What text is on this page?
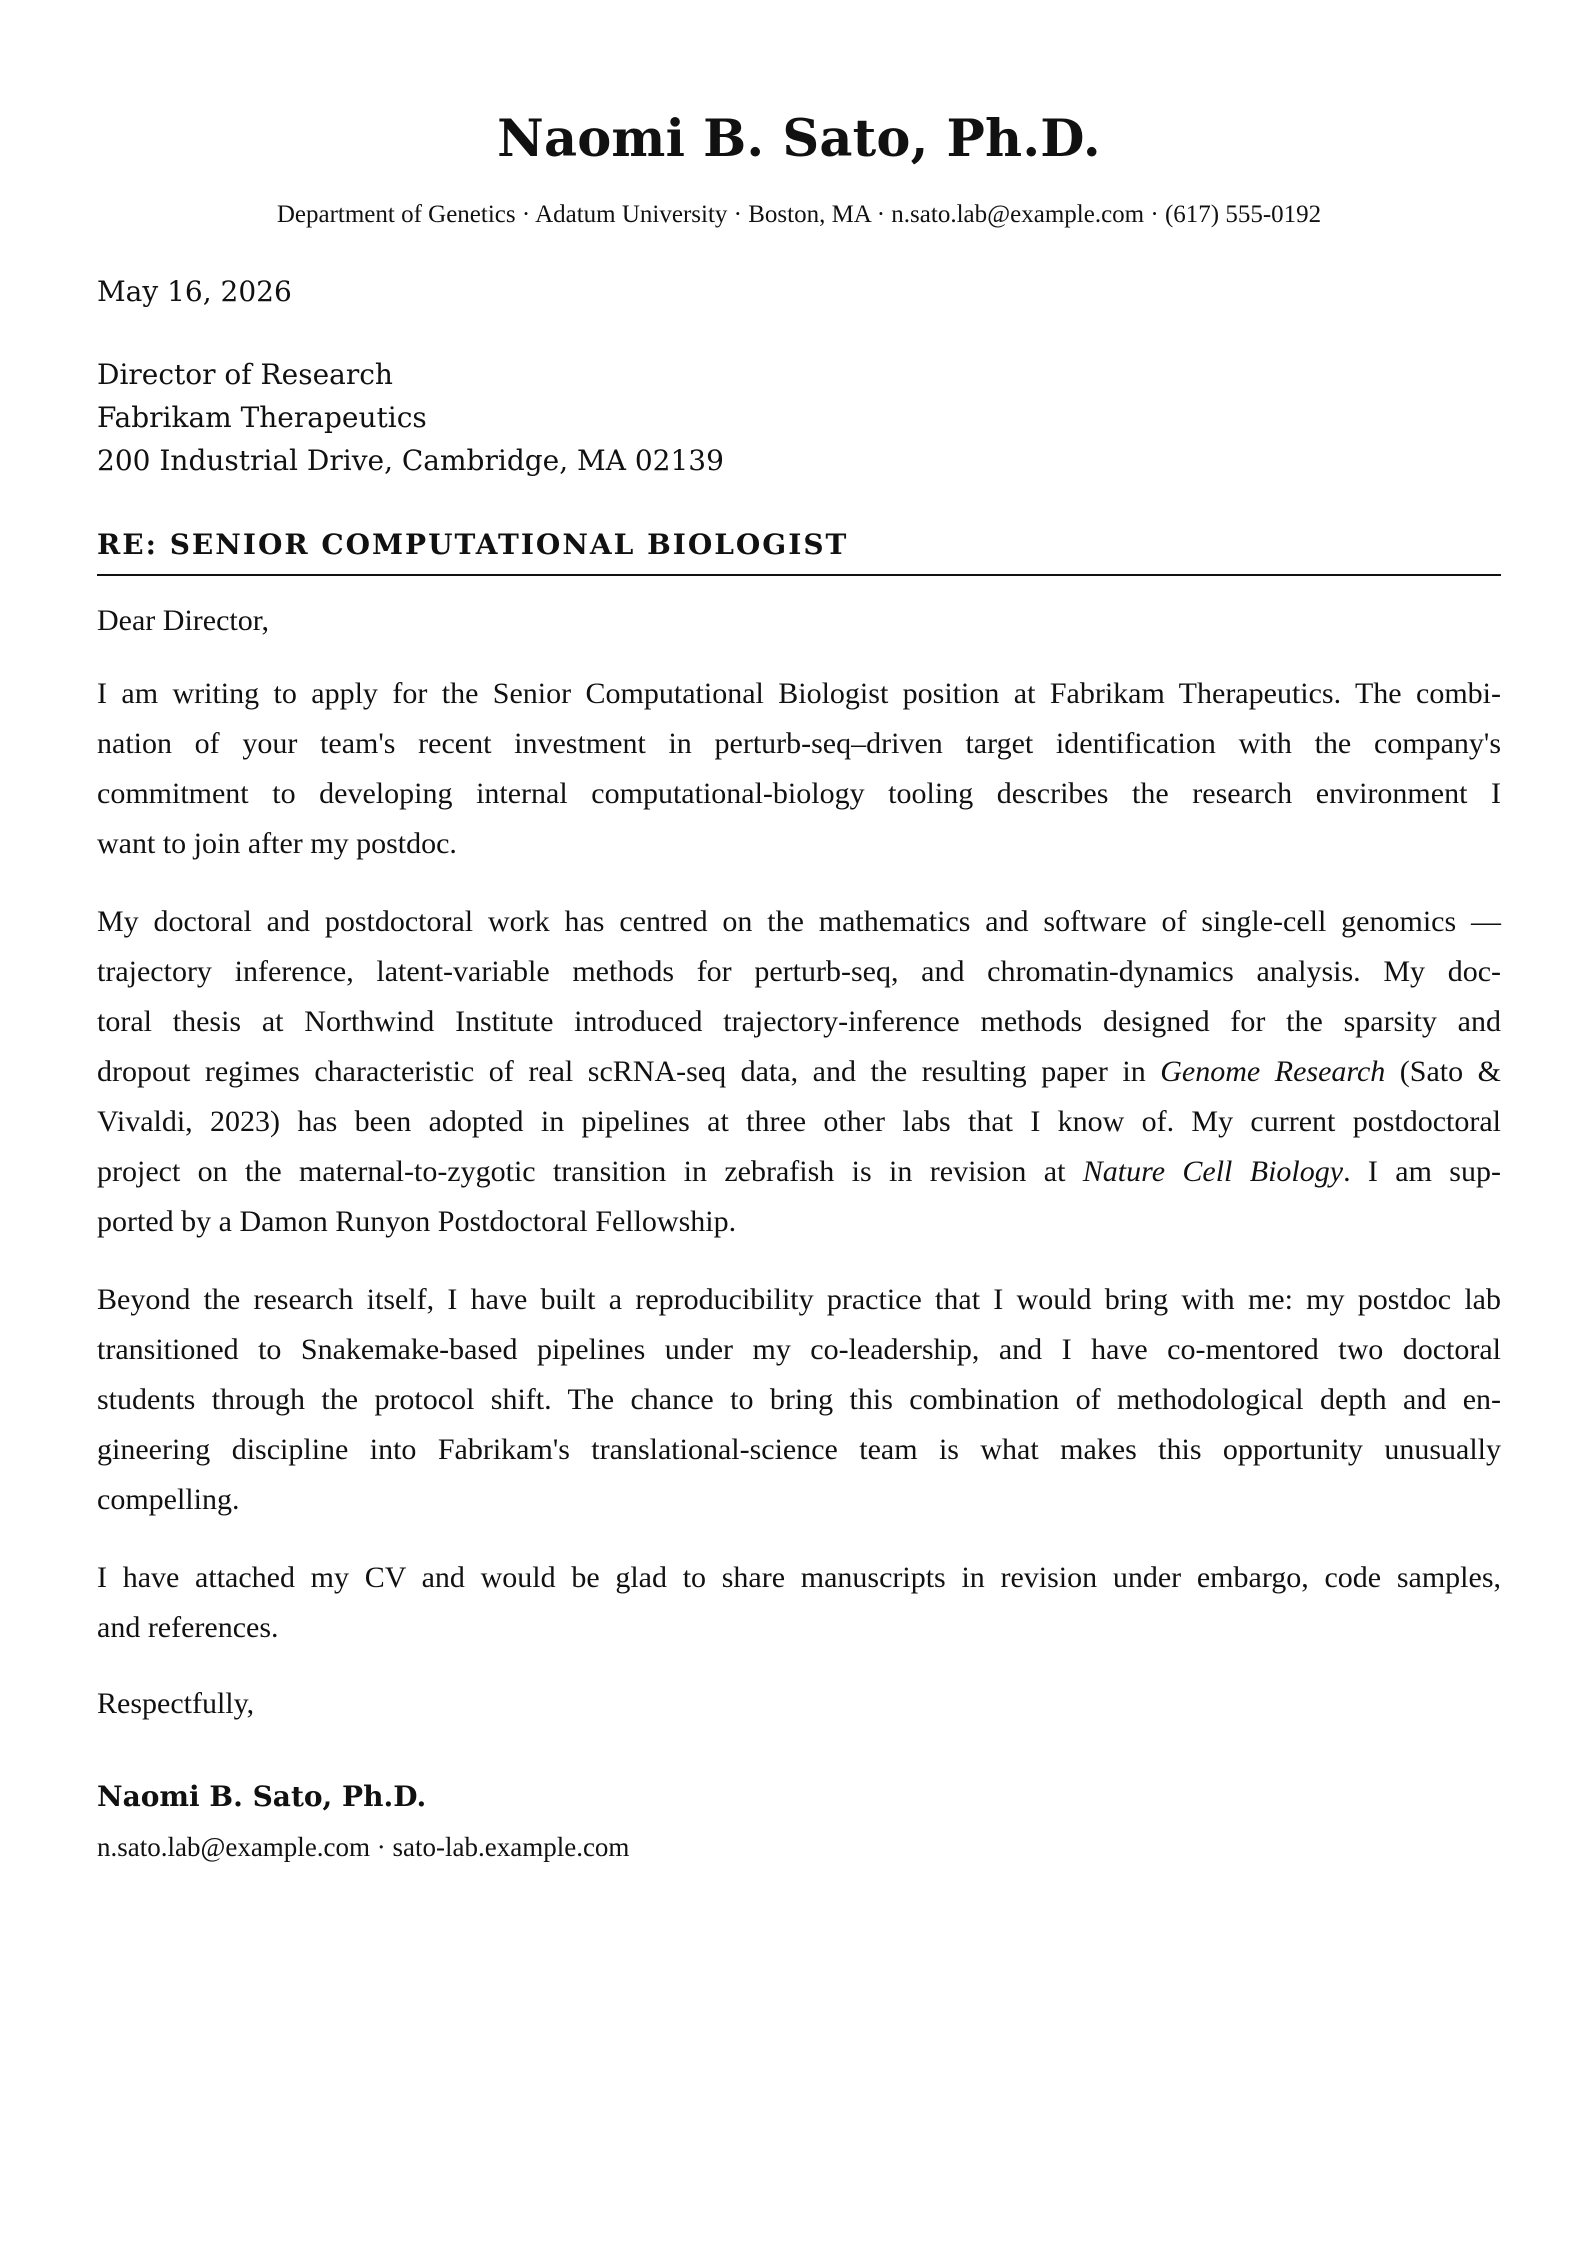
Naomi B. Sato, Ph.D.
Department of Genetics · Adatum University · Boston, MA · n.sato.lab@example.com · (617) 555-0192
May 16, 2026
Director of Research
Fabrikam Therapeutics
200 Industrial Drive, Cambridge, MA 02139
RE: SENIOR COMPUTATIONAL BIOLOGIST
Dear Director,
I am writing to apply for the Senior Computational Biologist position at Fabrikam Therapeutics. The combi-
nation of your team's recent investment in perturb-seq–driven target identification with the company's
commitment to developing internal computational-biology tooling describes the research environment I
want to join after my postdoc.
My doctoral and postdoctoral work has centred on the mathematics and software of single-cell genomics —
trajectory inference, latent-variable methods for perturb-seq, and chromatin-dynamics analysis. My doc-
toral thesis at Northwind Institute introduced trajectory-inference methods designed for the sparsity and
dropout regimes characteristic of real scRNA-seq data, and the resulting paper in Genome Research (Sato &
Vivaldi, 2023) has been adopted in pipelines at three other labs that I know of. My current postdoctoral
project on the maternal-to-zygotic transition in zebrafish is in revision at Nature Cell Biology. I am sup-
ported by a Damon Runyon Postdoctoral Fellowship.
Beyond the research itself, I have built a reproducibility practice that I would bring with me: my postdoc lab
transitioned to Snakemake-based pipelines under my co-leadership, and I have co-mentored two doctoral
students through the protocol shift. The chance to bring this combination of methodological depth and en-
gineering discipline into Fabrikam's translational-science team is what makes this opportunity unusually
compelling.
I have attached my CV and would be glad to share manuscripts in revision under embargo, code samples,
and references.
Respectfully,
Naomi B. Sato, Ph.D.
n.sato.lab@example.com · sato-lab.example.com
